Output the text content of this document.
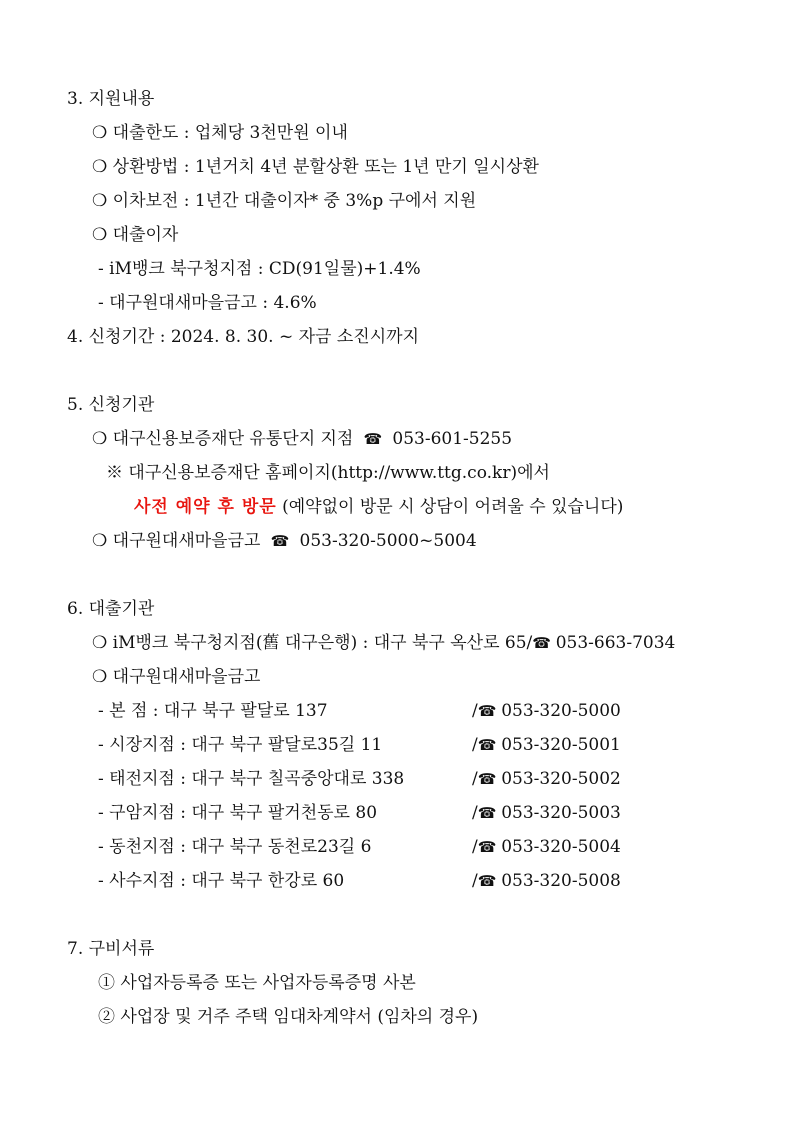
3. 지원내용
❍ 대출한도 : 업체당 3천만원 이내
❍ 상환방법 : 1년거치 4년 분할상환 또는 1년 만기 일시상환
❍ 이차보전 : 1년간 대출이자* 중 3%p 구에서 지원
❍ 대출이자
- iM뱅크 북구청지점 : CD(91일물)+1.4%
- 대구원대새마을금고 : 4.6%
4. 신청기간 : 2024. 8. 30. ~ 자금 소진시까지
5. 신청기관
❍ 대구신용보증재단 유통단지 지점  ☎  053-601-5255
※ 대구신용보증재단 홈페이지(http://www.ttg.co.kr)에서
사전 예약 후 방문 (예약없이 방문 시 상담이 어려울 수 있습니다)
❍ 대구원대새마을금고  ☎  053-320-5000~5004
6. 대출기관
❍ iM뱅크 북구청지점(舊 대구은행) : 대구 북구 옥산로 65/☎ 053-663-7034
❍ 대구원대새마을금고
- 본 점 : 대구 북구 팔달로 137	/☎ 053-320-5000
- 시장지점 : 대구 북구 팔달로35길 11	/☎ 053-320-5001
- 태전지점 : 대구 북구 칠곡중앙대로 338	/☎ 053-320-5002
- 구암지점 : 대구 북구 팔거천동로 80	/☎ 053-320-5003
- 동천지점 : 대구 북구 동천로23길 6	/☎ 053-320-5004
- 사수지점 : 대구 북구 한강로 60	/☎ 053-320-5008
7. 구비서류
① 사업자등록증 또는 사업자등록증명 사본
② 사업장 및 거주 주택 임대차계약서 (임차의 경우)
